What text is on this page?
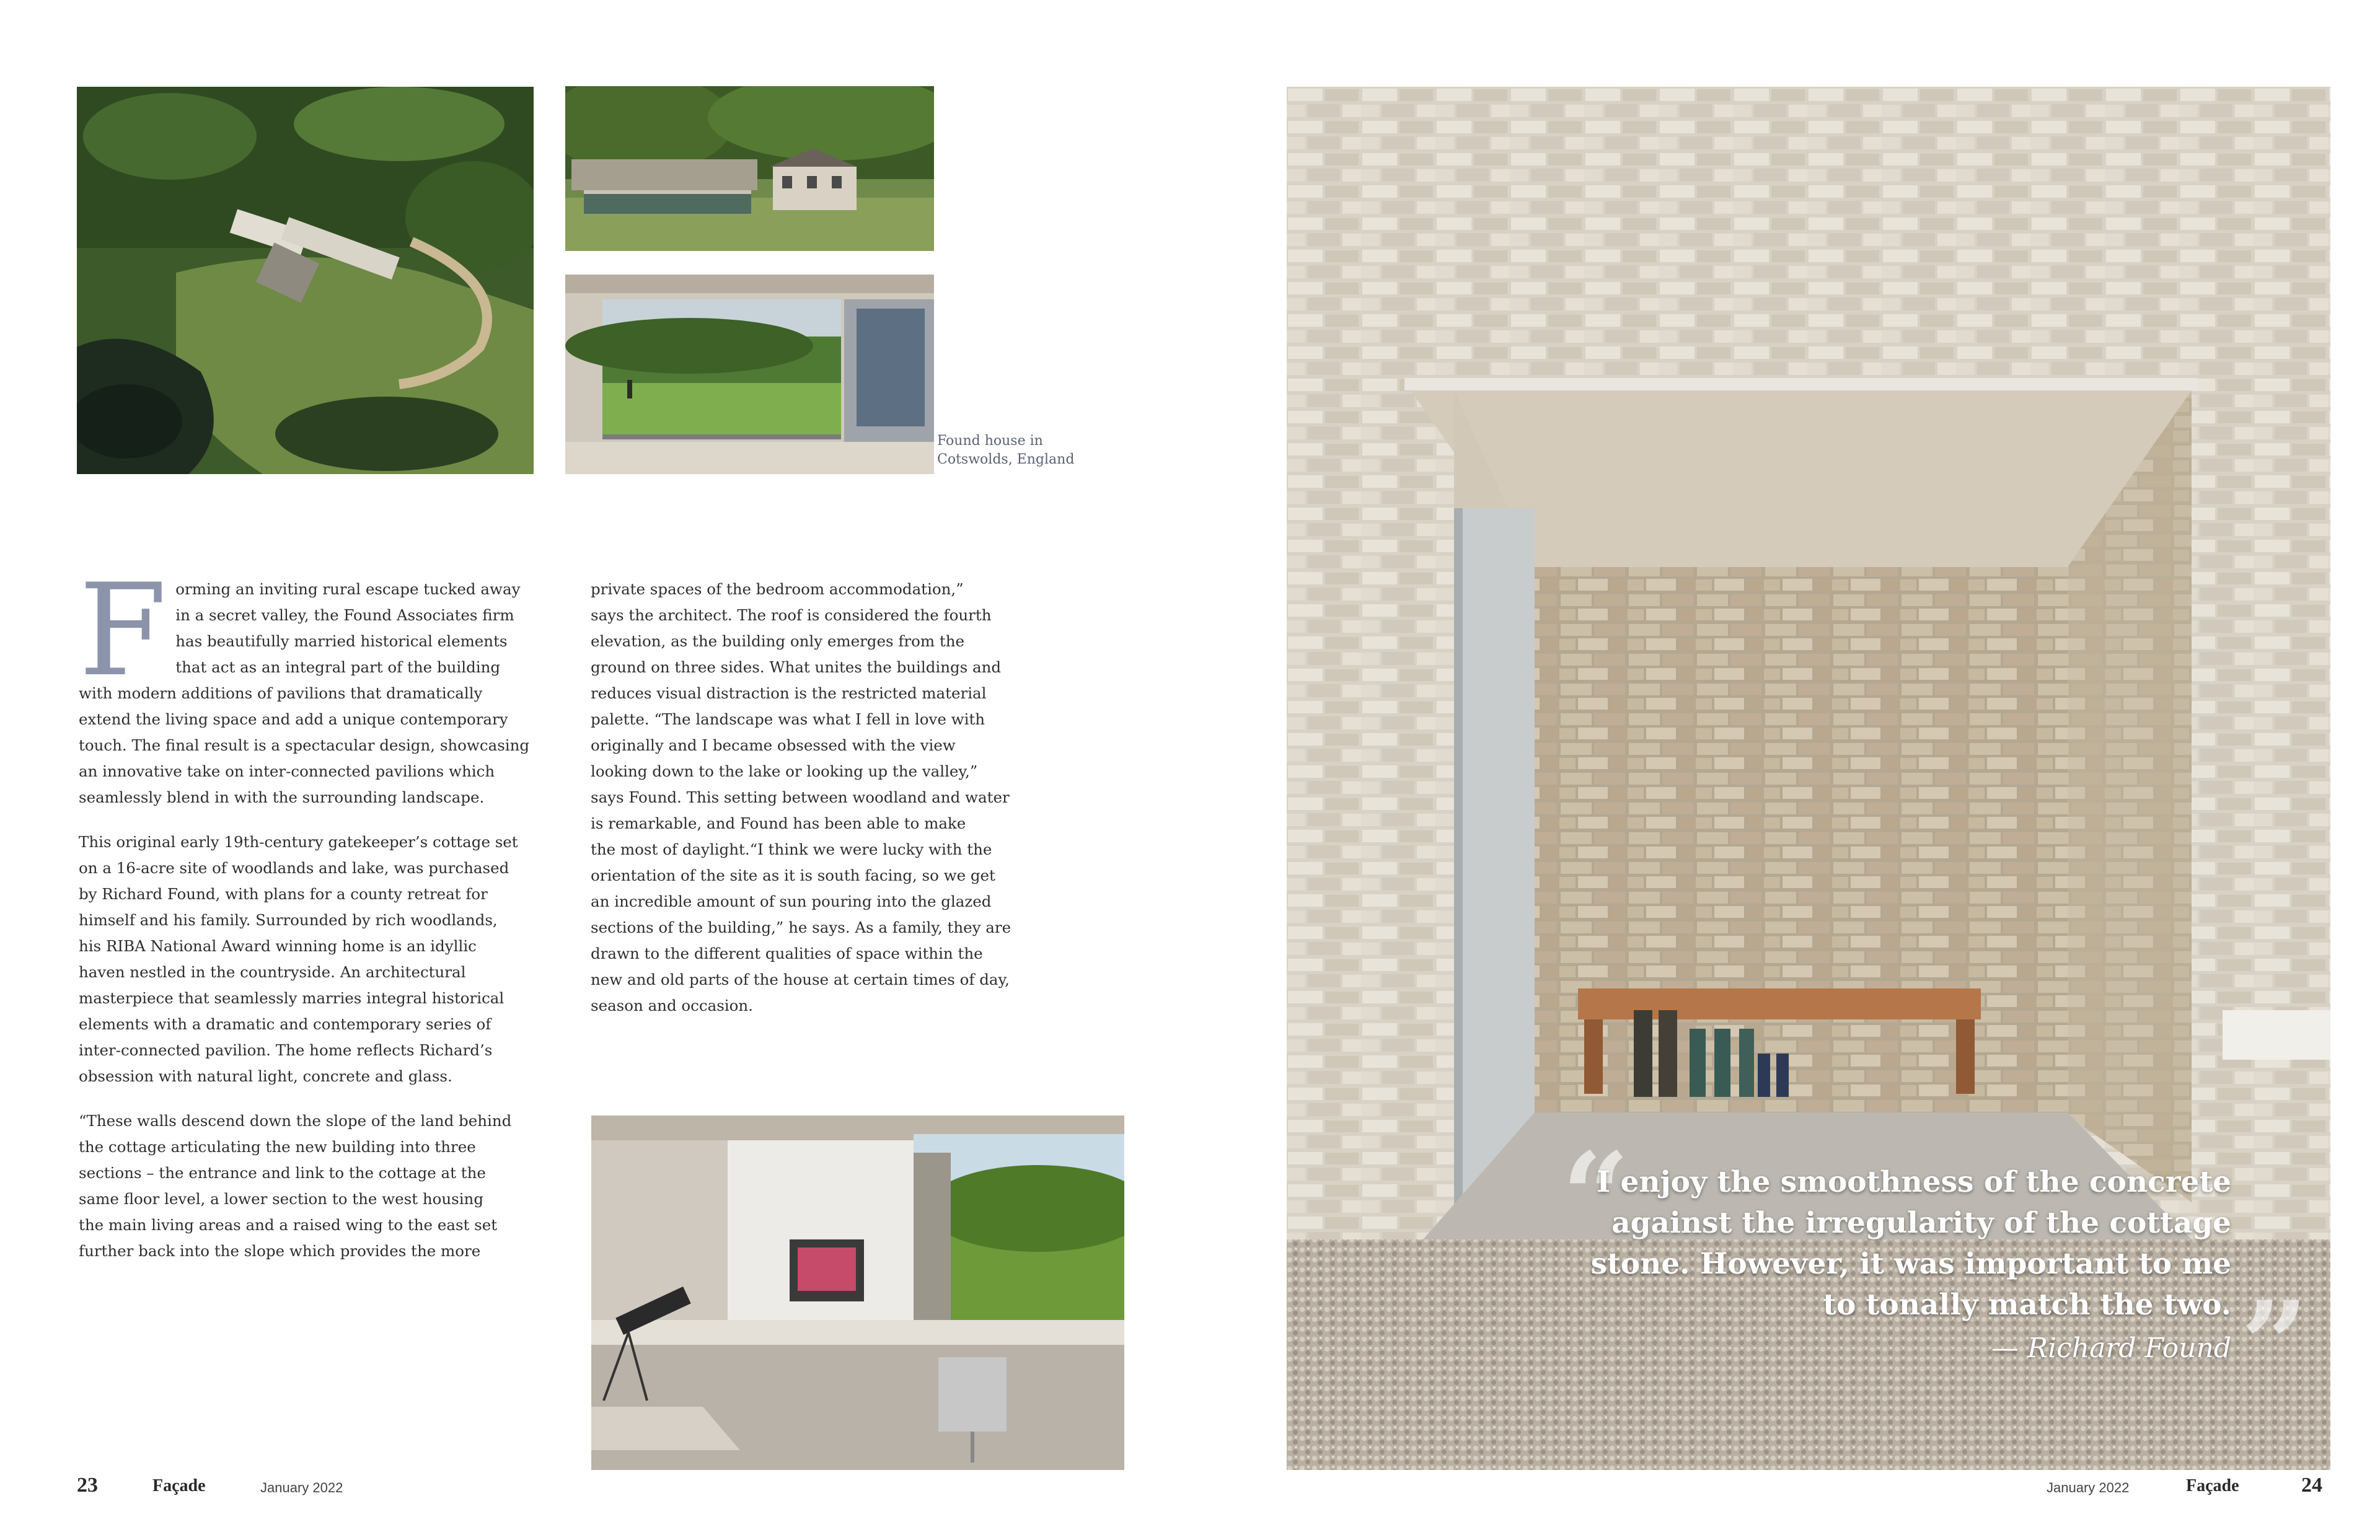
Found house in
Cotswolds, England

Forming an inviting rural escape tucked away in a secret valley, the Found Associates firm has beautifully married historical elements that act as an integral part of the building with modern additions of pavilions that dramatically extend the living space and add a unique contemporary touch. The final result is a spectacular design, showcasing an innovative take on inter-connected pavilions which seamlessly blend in with the surrounding landscape.

This original early 19th-century gatekeeper’s cottage set
on a 16-acre site of woodlands and lake, was purchased
by Richard Found, with plans for a county retreat for
himself and his family. Surrounded by rich woodlands,
his RIBA National Award winning home is an idyllic
haven nestled in the countryside. An architectural
masterpiece that seamlessly marries integral historical
elements with a dramatic and contemporary series of
inter-connected pavilion. The home reflects Richard’s
obsession with natural light, concrete and glass.

“These walls descend down the slope of the land behind
the cottage articulating the new building into three
sections – the entrance and link to the cottage at the
same floor level, a lower section to the west housing
the main living areas and a raised wing to the east set
further back into the slope which provides the more

private spaces of the bedroom accommodation,”
says the architect. The roof is considered the fourth
elevation, as the building only emerges from the
ground on three sides. What unites the buildings and
reduces visual distraction is the restricted material
palette. “The landscape was what I fell in love with
originally and I became obsessed with the view
looking down to the lake or looking up the valley,”
says Found. This setting between woodland and water
is remarkable, and Found has been able to make
the most of daylight.“I think we were lucky with the
orientation of the site as it is south facing, so we get
an incredible amount of sun pouring into the glazed
sections of the building,” he says. As a family, they are
drawn to the different qualities of space within the
new and old parts of the house at certain times of day,
season and occasion.

“
I enjoy the smoothness of the concrete
against the irregularity of the cottage
stone. However, it was important to me
to tonally match the two.
— Richard Found ”
23	Façade	January 2022	January 2022	Façade	24
